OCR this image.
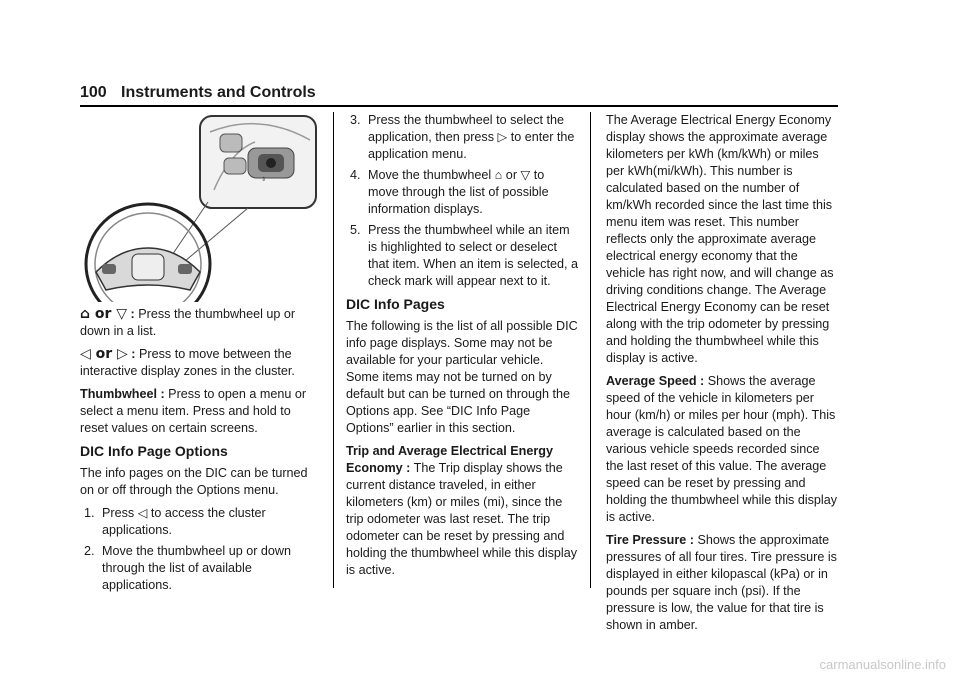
100 Instruments and Controls
⇕

⌂ or ▽ : Press the thumbwheel up or down in a list.

◁ or ▷ : Press to move between the interactive display zones in the cluster.

Thumbwheel : Press to open a menu or select a menu item. Press and hold to reset values on certain screens.

DIC Info Page Options

The info pages on the DIC can be turned on or off through the Options menu.

1. Press ◁ to access the cluster applications.
2. Move the thumbwheel up or down through the list of available applications.
3. Press the thumbwheel to select the application, then press ▷ to enter the application menu.
4. Move the thumbwheel ⌂ or ▽ to move through the list of possible information displays.
5. Press the thumbwheel while an item is highlighted to select or deselect that item. When an item is selected, a check mark will appear next to it.
DIC Info Pages

The following is the list of all possible DIC info page displays. Some may not be available for your particular vehicle. Some items may not be turned on by default but can be turned on through the Options app. See “DIC Info Page Options” earlier in this section.

Trip and Average Electrical Energy Economy : The Trip display shows the current distance traveled, in either kilometers (km) or miles (mi), since the trip odometer was last reset. The trip odometer can be reset by pressing and holding the thumbwheel while this display is active.

The Average Electrical Energy Economy display shows the approximate average kilometers per kWh (km/kWh) or miles per kWh(mi/kWh). This number is calculated based on the number of km/kWh recorded since the last time this menu item was reset. This number reflects only the approximate average electrical energy economy that the vehicle has right now, and will change as driving conditions change. The Average Electrical Energy Economy can be reset along with the trip odometer by pressing and holding the thumbwheel while this display is active.

Average Speed : Shows the average speed of the vehicle in kilometers per hour (km/h) or miles per hour (mph). This average is calculated based on the various vehicle speeds recorded since the last reset of this value. The average speed can be reset by pressing and holding the thumbwheel while this display is active.

Tire Pressure : Shows the approximate pressures of all four tires. Tire pressure is displayed in either kilopascal (kPa) or in pounds per square inch (psi). If the pressure is low, the value for that tire is shown in amber.

carmanualsonline.info
